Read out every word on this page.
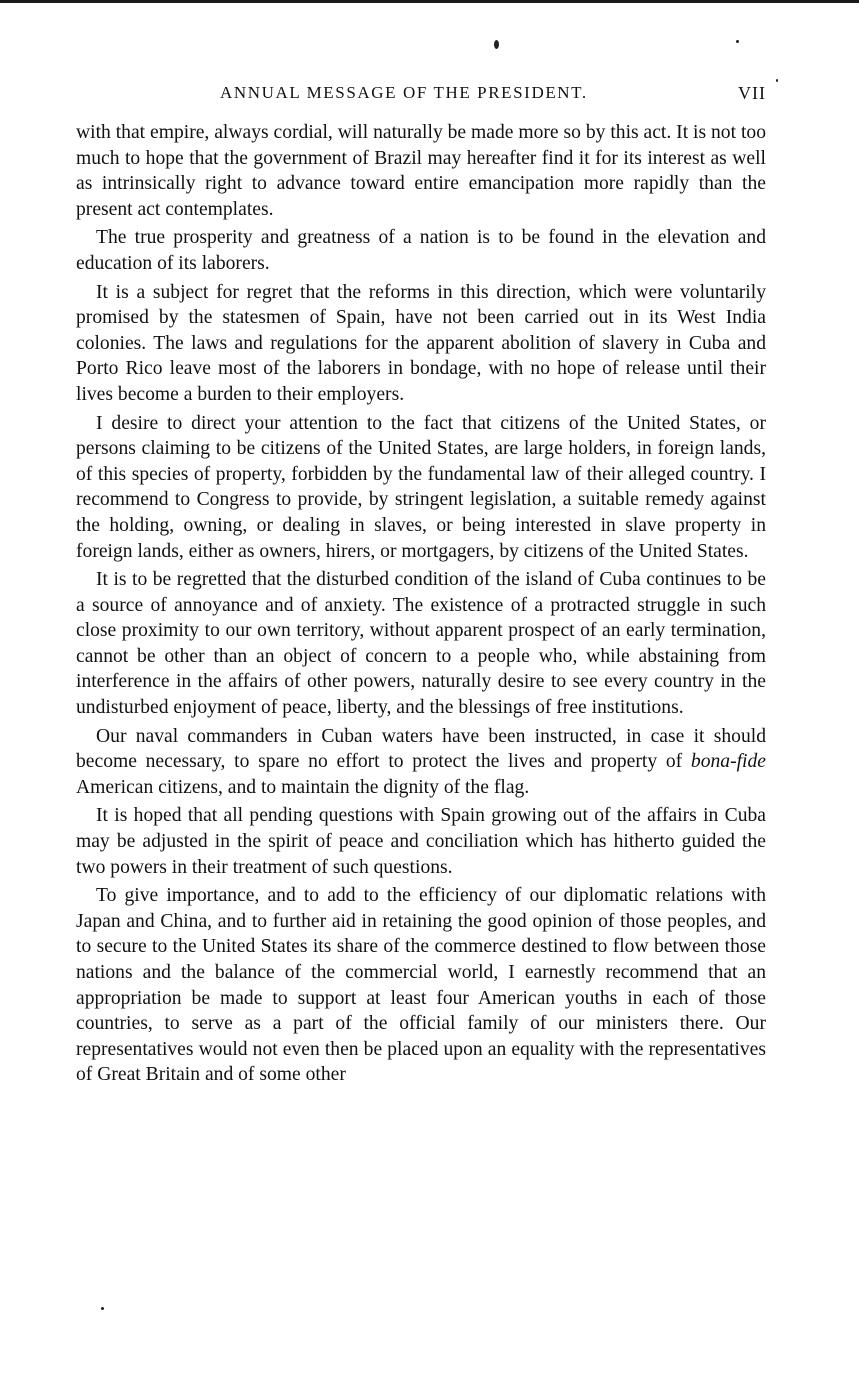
ANNUAL MESSAGE OF THE PRESIDENT.	VII

with that empire, always cordial, will naturally be made more so by this act. It is not too much to hope that the government of Brazil may hereafter find it for its interest as well as intrinsically right to advance toward entire emancipation more rapidly than the present act contemplates.

The true prosperity and greatness of a nation is to be found in the elevation and education of its laborers.

It is a subject for regret that the reforms in this direction, which were voluntarily promised by the statesmen of Spain, have not been carried out in its West India colonies. The laws and regulations for the apparent abolition of slavery in Cuba and Porto Rico leave most of the laborers in bondage, with no hope of release until their lives become a burden to their employers.

I desire to direct your attention to the fact that citizens of the United States, or persons claiming to be citizens of the United States, are large holders, in foreign lands, of this species of property, forbidden by the fundamental law of their alleged country. I recommend to Congress to provide, by stringent legislation, a suitable remedy against the holding, owning, or dealing in slaves, or being interested in slave property in foreign lands, either as owners, hirers, or mortgagers, by citizens of the United States.

It is to be regretted that the disturbed condition of the island of Cuba continues to be a source of annoyance and of anxiety. The existence of a protracted struggle in such close proximity to our own territory, without apparent prospect of an early termination, cannot be other than an object of concern to a people who, while abstaining from interference in the affairs of other powers, naturally desire to see every country in the undisturbed enjoyment of peace, liberty, and the blessings of free institutions.

Our naval commanders in Cuban waters have been instructed, in case it should become necessary, to spare no effort to protect the lives and property of bona-fide American citizens, and to maintain the dignity of the flag.

It is hoped that all pending questions with Spain growing out of the affairs in Cuba may be adjusted in the spirit of peace and conciliation which has hitherto guided the two powers in their treatment of such questions.

To give importance, and to add to the efficiency of our diplomatic relations with Japan and China, and to further aid in retaining the good opinion of those peoples, and to secure to the United States its share of the commerce destined to flow between those nations and the balance of the commercial world, I earnestly recommend that an appropriation be made to support at least four American youths in each of those countries, to serve as a part of the official family of our ministers there. Our representatives would not even then be placed upon an equality with the representatives of Great Britain and of some other
